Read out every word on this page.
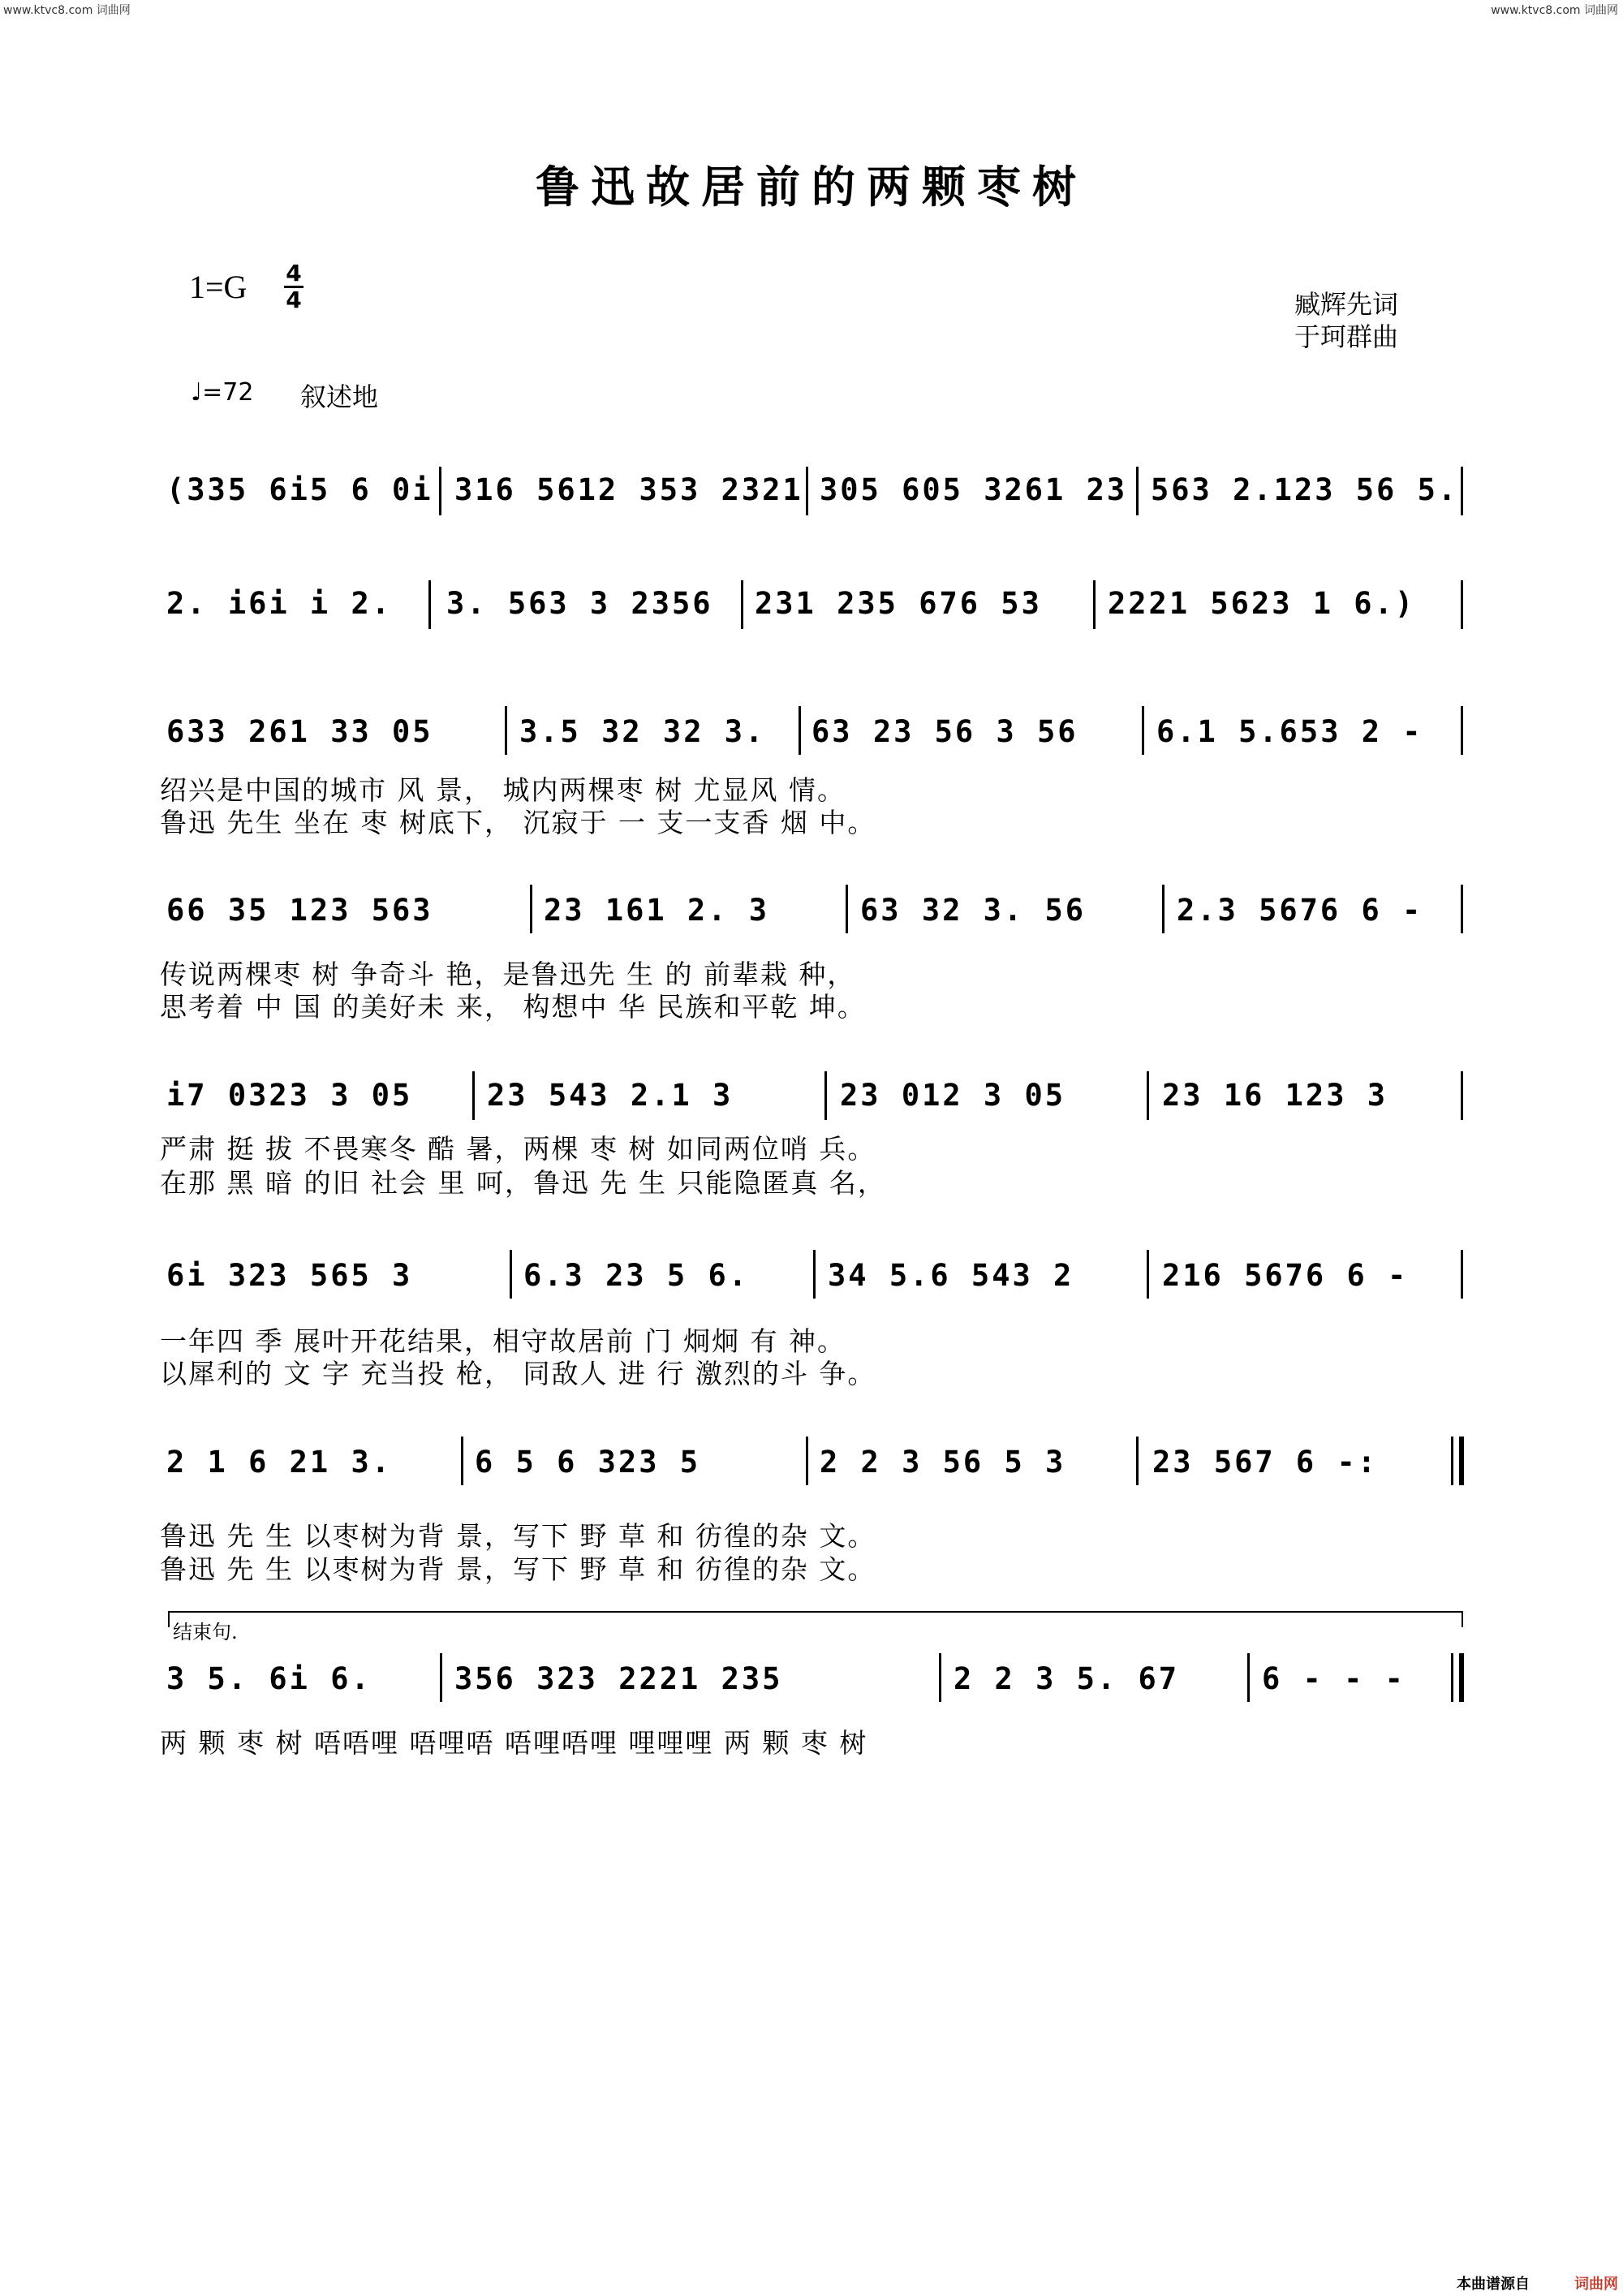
www.ktvc8.com 词曲网	www.ktvc8.com 词曲网
鲁迅故居前的两颗枣树
1=G 4
4	臧辉先词
于珂群曲
♩=72 叙述地
(335 6i5 6 0i 316 5612 353 2321 305 605 3261 23 563 2.123 56 5.
2. i6i i 2. 3. 563 3 2356 231 235 676 53 2221 5623 1 6.)
633 261 33 05	3.5 32 32 3. 63 23 56 3 56	6.1 5.653 2 -
绍兴是中国的城市 风 景， 城内两棵枣 树 尤显风 情。
鲁迅 先生 坐在 枣 树底下， 沉寂于 一 支一支香 烟 中。
66 35 123 563	23 161 2. 3	63 32 3. 56	2.3 5676 6 -
传说两棵枣 树 争奇斗 艳，是鲁迅先 生 的 前辈栽 种，
思考着 中 国 的美好未 来， 构想中 华 民族和平乾 坤。
i7 0323 3 05 23 543 2.1 3	23 012 3 05	23 16 123 3
严肃 挺 拔 不畏寒冬 酷 暑，两棵 枣 树 如同两位哨 兵。
在那 黑 暗 的旧 社会 里 呵，鲁迅 先 生 只能隐匿真 名，
6i 323 565 3	6.3 23 5 6.	34 5.6 543 2	216 5676 6 -
一年四 季 展叶开花结果，相守故居前 门 炯炯 有 神。
以犀利的 文 字 充当投 枪， 同敌人 进 行 激烈的斗 争。
2 1 6 21 3.	6 5 6 323 5	2 2 3 56 5 3	23 567 6 -:
鲁迅 先 生 以枣树为背 景，写下 野 草 和 彷徨的杂 文。
鲁迅 先 生 以枣树为背 景，写下 野 草 和 彷徨的杂 文。
结束句.
3 5. 6i 6.	356 323 2221 235	2 2 3 5. 67	6 - - -
两 颗 枣 树 唔唔哩 唔哩唔 唔哩唔哩 哩哩哩 两 颗 枣 树
本曲谱源自	词曲网
